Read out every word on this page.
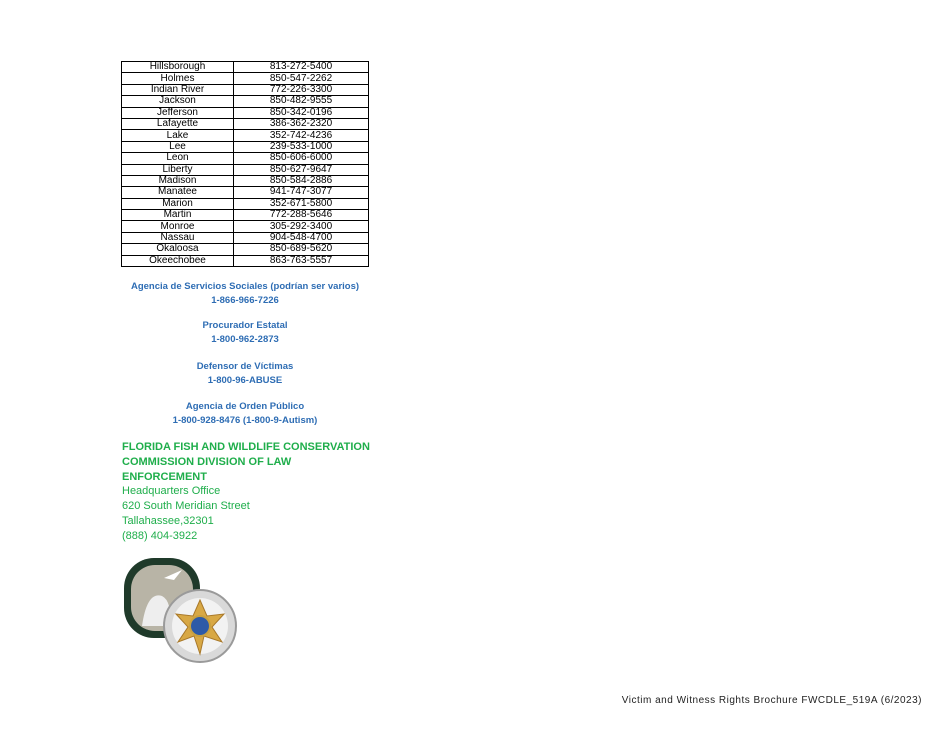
Hillsborough	813-272-5400
Holmes	850-547-2262
Indian River	772-226-3300
Jackson	850-482-9555
Jefferson	850-342-0196
Lafayette	386-362-2320
Lake	352-742-4236
Lee	239-533-1000
Leon	850-606-6000
Liberty	850-627-9647
Madison	850-584-2886
Manatee	941-747-3077
Marion	352-671-5800
Martin	772-288-5646
Monroe	305-292-3400
Nassau	904-548-4700
Okaloosa	850-689-5620
Okeechobee	863-763-5557
Agencia de Servicios Sociales (podrían ser varios)
1-866-966-7226
Procurador Estatal
1-800-962-2873
Defensor de Víctimas
1-800-96-ABUSE
Agencia de Orden Público
1-800-928-8476 (1-800-9-Autism)
FLORIDA FISH AND WILDLIFE CONSERVATION
COMMISSION DIVISION OF LAW
ENFORCEMENT
Headquarters Office
620 South Meridian Street
Tallahassee,32301
(888) 404-3922
Victim and Witness Rights Brochure FWCDLE_519A (6/2023)
